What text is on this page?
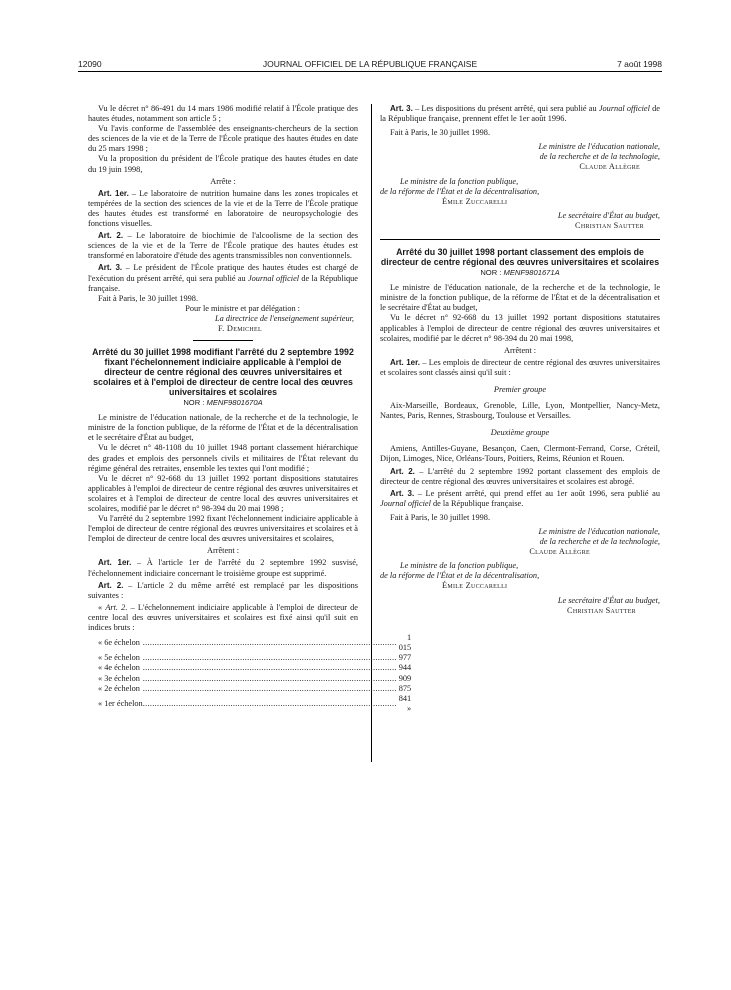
12090	JOURNAL OFFICIEL DE LA RÉPUBLIQUE FRANÇAISE	7 août 1998

Vu le décret n° 86-491 du 14 mars 1986 modifié relatif à l'École pratique des hautes études, notamment son article 5 ;

Vu l'avis conforme de l'assemblée des enseignants-chercheurs de la section des sciences de la vie et de la Terre de l'École pratique des hautes études en date du 25 mars 1998 ;

Vu la proposition du président de l'École pratique des hautes études en date du 19 juin 1998,

Arrête :

Art. 1er. – Le laboratoire de nutrition humaine dans les zones tropicales et tempérées de la section des sciences de la vie et de la Terre de l'École pratique des hautes études est transformé en laboratoire de neuropsychologie des fonctions visuelles.

Art. 2. – Le laboratoire de biochimie de l'alcoolisme de la section des sciences de la vie et de la Terre de l'École pratique des hautes études est transformé en laboratoire d'étude des agents transmissibles non conventionnels.

Art. 3. – Le président de l'École pratique des hautes études est chargé de l'exécution du présent arrêté, qui sera publié au Journal officiel de la République française.

Fait à Paris, le 30 juillet 1998.

Pour le ministre et par délégation :

La directrice de l'enseignement supérieur,

F. Demichel

Arrêté du 30 juillet 1998 modifiant l'arrêté du 2 septembre 1992 fixant l'échelonnement indiciaire applicable à l'emploi de directeur de centre régional des œuvres universitaires et scolaires et à l'emploi de directeur de centre local des œuvres universitaires et scolaires

NOR : MENF9801670A

Le ministre de l'éducation nationale, de la recherche et de la technologie, le ministre de la fonction publique, de la réforme de l'État et de la décentralisation et le secrétaire d'État au budget,

Vu le décret n° 48-1108 du 10 juillet 1948 portant classement hiérarchique des grades et emplois des personnels civils et militaires de l'État relevant du régime général des retraites, ensemble les textes qui l'ont modifié ;

Vu le décret n° 92-668 du 13 juillet 1992 portant dispositions statutaires applicables à l'emploi de directeur de centre régional des œuvres universitaires et scolaires et à l'emploi de directeur de centre local des œuvres universitaires et scolaires, modifié par le décret n° 98-394 du 20 mai 1998 ;

Vu l'arrêté du 2 septembre 1992 fixant l'échelonnement indiciaire applicable à l'emploi de directeur de centre régional des œuvres universitaires et scolaires et à l'emploi de directeur de centre local des œuvres universitaires et scolaires,

Arrêtent :

Art. 1er. – À l'article 1er de l'arrêté du 2 septembre 1992 susvisé, l'échelonnement indiciaire concernant le troisième groupe est supprimé.

Art. 2. – L'article 2 du même arrêté est remplacé par les dispositions suivantes :

« Art. 2. – L'échelonnement indiciaire applicable à l'emploi de directeur de centre local des œuvres universitaires et scolaires est fixé ainsi qu'il suit en indices bruts :

« 6e échelon	.....	1 015
« 5e échelon	.....	977
« 4e échelon	.....	944
« 3e échelon	.....	909
« 2e échelon	.....	875
« 1er échelon	.....	841 »

Art. 3. – Les dispositions du présent arrêté, qui sera publié au Journal officiel de la République française, prennent effet le 1er août 1996.

Fait à Paris, le 30 juillet 1998.

Le ministre de l'éducation nationale,

de la recherche et de la technologie,

Claude Allègre

Le ministre de la fonction publique,

de la réforme de l'État et de la décentralisation,

Émile Zuccarelli

Le secrétaire d'État au budget,

Christian Sautter

Arrêté du 30 juillet 1998 portant classement des emplois de directeur de centre régional des œuvres universitaires et scolaires

NOR : MENF9801671A

Le ministre de l'éducation nationale, de la recherche et de la technologie, le ministre de la fonction publique, de la réforme de l'État et de la décentralisation et le secrétaire d'État au budget,

Vu le décret n° 92-668 du 13 juillet 1992 portant dispositions statutaires applicables à l'emploi de directeur de centre régional des œuvres universitaires et scolaires, modifié par le décret n° 98-394 du 20 mai 1998,

Arrêtent :

Art. 1er. – Les emplois de directeur de centre régional des œuvres universitaires et scolaires sont classés ainsi qu'il suit :

Premier groupe

Aix-Marseille, Bordeaux, Grenoble, Lille, Lyon, Montpellier, Nancy-Metz, Nantes, Paris, Rennes, Strasbourg, Toulouse et Versailles.

Deuxième groupe

Amiens, Antilles-Guyane, Besançon, Caen, Clermont-Ferrand, Corse, Créteil, Dijon, Limoges, Nice, Orléans-Tours, Poitiers, Reims, Réunion et Rouen.

Art. 2. – L'arrêté du 2 septembre 1992 portant classement des emplois de directeur de centre régional des œuvres universitaires et scolaires est abrogé.

Art. 3. – Le présent arrêté, qui prend effet au 1er août 1996, sera publié au Journal officiel de la République française.

Fait à Paris, le 30 juillet 1998.

Le ministre de l'éducation nationale,

de la recherche et de la technologie,

Claude Allègre

Le ministre de la fonction publique,

de la réforme de l'État et de la décentralisation,

Émile Zuccarelli

Le secrétaire d'État au budget,

Christian Sautter
